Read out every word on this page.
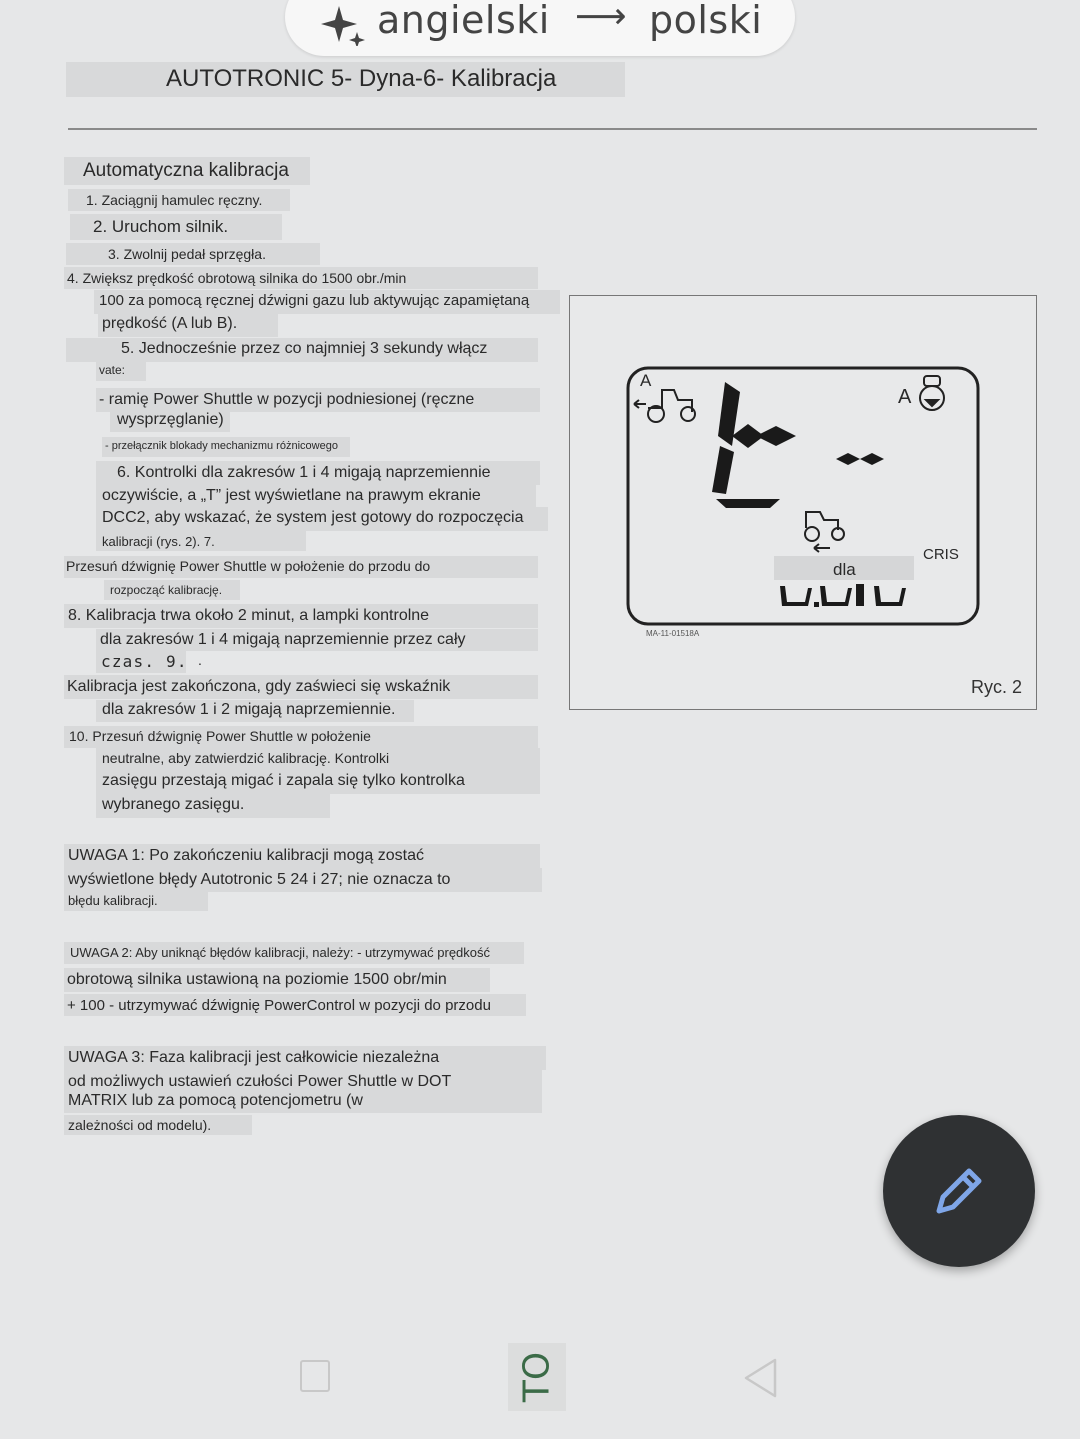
angielski ⟶ polski
AUTOTRONIC 5- Dyna-6- Kalibracja
Automatyczna kalibracja
1. Zaciągnij hamulec ręczny.
2. Uruchom silnik.
3. Zwolnij pedał sprzęgła.
4. Zwiększ prędkość obrotową silnika do 1500 obr./min
100 za pomocą ręcznej dźwigni gazu lub aktywując zapamiętaną
prędkość (A lub B).
5. Jednocześnie przez co najmniej 3 sekundy włącz
vate:
- ramię Power Shuttle w pozycji podniesionej (ręczne
wysprzęglanie)
- przełącznik blokady mechanizmu różnicowego
6. Kontrolki dla zakresów 1 i 4 migają naprzemiennie
oczywiście, a „T” jest wyświetlane na prawym ekranie
DCC2, aby wskazać, że system jest gotowy do rozpoczęcia
kalibracji (rys. 2). 7.
Przesuń dźwignię Power Shuttle w położenie do przodu do
rozpocząć kalibrację.
8. Kalibracja trwa około 2 minut, a lampki kontrolne
dla zakresów 1 i 4 migają naprzemiennie przez cały
czas. 9. .
Kalibracja jest zakończona, gdy zaświeci się wskaźnik
dla zakresów 1 i 2 migają naprzemiennie.
10. Przesuń dźwignię Power Shuttle w położenie
neutralne, aby zatwierdzić kalibrację. Kontrolki
zasięgu przestają migać i zapala się tylko kontrolka
wybranego zasięgu.
UWAGA 1: Po zakończeniu kalibracji mogą zostać
wyświetlone błędy Autotronic 5 24 i 27; nie oznacza to
błędu kalibracji.
UWAGA 2: Aby uniknąć błędów kalibracji, należy: - utrzymywać prędkość
obrotową silnika ustawioną na poziomie 1500 obr/min
+ 100 - utrzymywać dźwignię PowerControl w pozycji do przodu
UWAGA 3: Faza kalibracji jest całkowicie niezależna
od możliwych ustawień czułości Power Shuttle w DOT
MATRIX lub za pomocą potencjometru (w
zależności od modelu).
A
A
CRIS
dla
MA-11-01518A
Ryc. 2
TO
